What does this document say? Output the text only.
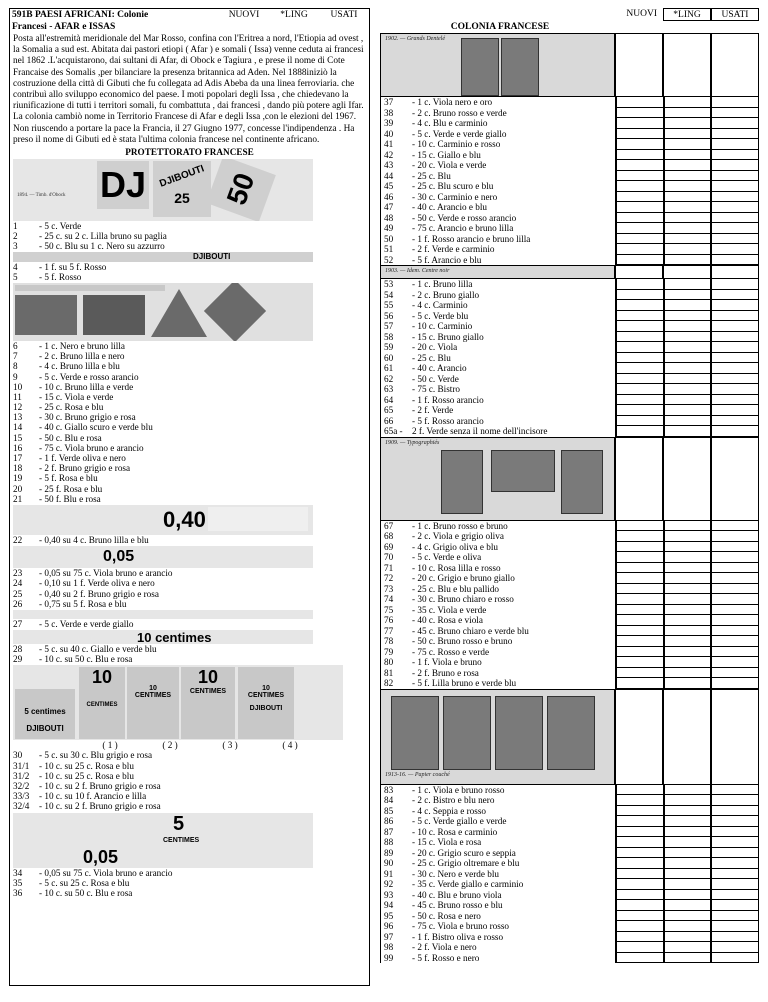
591B PAESI AFRICANI: Colonie	NUOVI	*LING	USATI
Francesi - AFAR e ISSAS
Posta all'estremità meridionale del Mar Rosso, confina con l'Eritrea a nord, l'Etiopia ad ovest , la Somalia a sud est. Abitata dai pastori etiopi ( Afar ) e somali ( Issa) venne ceduta ai francesi nel 1862 .L'acquistarono, dai sultani di Afar, di Obock e Tagiura , e prese il nome di Cote Francaise des Somalis ,per bilanciare la presenza britannica ad Aden. Nel 1888iniziò la costruzione della città di Gibuti che fu collegata ad Adis Abeba da una linea ferroviaria. che contribuì allo sviluppo economico del paese. I moti popolari degli Issa , che chiedevano la riunificazione di tutti i territori somali, fu combattuta , dai francesi , dando più potere agli Ifar. La colonia cambiò nome in Territorio Francese di Afar e degli Issa ,con le elezioni del 1967. Non riuscendo a portare la pace la Francia, il 27 Giugno 1977, concesse l'indipendenza . Ha preso il nome di Gibuti ed è stata l'ultima colonia francese nel continente africano.
PROTETTORATO FRANCESE
1894. — Timb. d'Obock DJ	DJIBOUTI
25	50
1	- 5 c. Verde
2	- 25 c. su 2 c. Lilla bruno su paglia
3	- 50 c. Blu su 1 c. Nero su azzurro
DJIBOUTI
4	- 1 f. su 5 f. Rosso
5	- 5 f. Rosso
6	- 1 c. Nero e bruno lilla
7	- 2 c. Bruno lilla e nero
8	- 4 c. Bruno lilla e blu
9	- 5 c. Verde e rosso arancio
10	- 10 c. Bruno lilla e verde
11	- 15 c. Viola e verde
12	- 25 c. Rosa e blu
13	- 30 c. Bruno grigio e rosa
14	- 40 c. Giallo scuro e verde blu
15	- 50 c. Blu e rosa
16	- 75 c. Viola bruno e arancio
17	- 1 f. Verde oliva e nero
18	- 2 f. Bruno grigio e rosa
19	- 5 f. Rosa e blu
20	- 25 f. Rosa e blu
21	- 50 f. Blu e rosa
0,40
22	- 0,40 su 4 c. Bruno lilla e blu
0,05
23	- 0,05 su 75 c. Viola bruno e arancio
24	- 0,10 su 1 f. Verde oliva e nero
25	- 0,40 su 2 f. Bruno grigio e rosa
26	- 0,75 su 5 f. Rosa e blu
27	- 5 c. Verde e verde giallo
10 centimes
28	- 5 c. su 40 c. Giallo e verde blu
29	- 10 c. su 50 c. Blu e rosa
5 centimes
DJIBOUTI
10
CENTIMES
10
CENTIMES
10
CENTIMES	10
CENTIMES
DJIBOUTI
( 1 )	( 2 )	( 3 )	( 4 )
30	- 5 c. su 30 c. Blu grigio e rosa
31/1	- 10 c. su 25 c. Rosa e blu
31/2	- 10 c. su 25 c. Rosa e blu
32/2	- 10 c. su 2 f. Bruno grigio e rosa
33/3	- 10 c. su 10 f. Arancio e lilla
32/4	- 10 c. su 2 f. Bruno grigio e rosa
5
CENTIMES
0,05
34	- 0,05 su 75 c. Viola bruno e arancio
35	- 5 c. su 25 c. Rosa e blu
36	- 10 c. su 50 c. Blu e rosa
NUOVI	*LING	USATI
COLONIA FRANCESE
1902. — Grands Dentelé
37	- 1 c. Viola nero e oro
38	- 2 c. Bruno rosso e verde
39	- 4 c. Blu e carminio
40	- 5 c. Verde e verde giallo
41	- 10 c. Carminio e rosso
42	- 15 c. Giallo e blu
43	- 20 c. Viola e verde
44	- 25 c. Blu
45	- 25 c. Blu scuro e blu
46	- 30 c. Carminio e nero
47	- 40 c. Arancio e blu
48	- 50 c. Verde e rosso arancio
49	- 75 c. Arancio e bruno lilla
50	- 1 f. Rosso arancio e bruno lilla
51	- 2 f. Verde e carminio
52	- 5 f. Arancio e blu
1903. — Idem. Centre noir
53	- 1 c. Bruno lilla
54	- 2 c. Bruno giallo
55	- 4 c. Carminio
56	- 5 c. Verde blu
57	- 10 c. Carminio
58	- 15 c. Bruno giallo
59	- 20 c. Viola
60	- 25 c. Blu
61	- 40 c. Arancio
62	- 50 c. Verde
63	- 75 c. Bistro
64	- 1 f. Rosso arancio
65	- 2 f. Verde
66	- 5 f. Rosso arancio
65a -	2 f. Verde senza il nome dell'incisore
1909. — Typographiés
67	- 1 c. Bruno rosso e bruno
68	- 2 c. Viola e grigio oliva
69	- 4 c. Grigio oliva e blu
70	- 5 c. Verde e oliva
71	- 10 c. Rosa lilla e rosso
72	- 20 c. Grigio e bruno giallo
73	- 25 c. Blu e blu pallido
74	- 30 c. Bruno chiaro e rosso
75	- 35 c. Viola e verde
76	- 40 c. Rosa e viola
77	- 45 c. Bruno chiaro e verde blu
78	- 50 c. Bruno rosso e bruno
79	- 75 c. Rosso e verde
80	- 1 f. Viola e bruno
81	- 2 f. Bruno e rosa
82	- 5 f. Lilla bruno e verde blu
1913-16. — Papier couché
83	- 1 c. Viola e bruno rosso
84	- 2 c. Bistro e blu nero
85	- 4 c. Seppia e rosso
86	- 5 c. Verde giallo e verde
87	- 10 c. Rosa e carminio
88	- 15 c. Viola e rosa
89	- 20 c. Grigio scuro e seppia
90	- 25 c. Grigio oltremare e blu
91	- 30 c. Nero e verde blu
92	- 35 c. Verde giallo e carminio
93	- 40 c. Blu e bruno viola
94	- 45 c. Bruno rosso e blu
95	- 50 c. Rosa e nero
96	- 75 c. Viola e bruno rosso
97	- 1 f. Bistro oliva e rosso
98	- 2 f. Viola e nero
99	- 5 f. Rosso e nero
